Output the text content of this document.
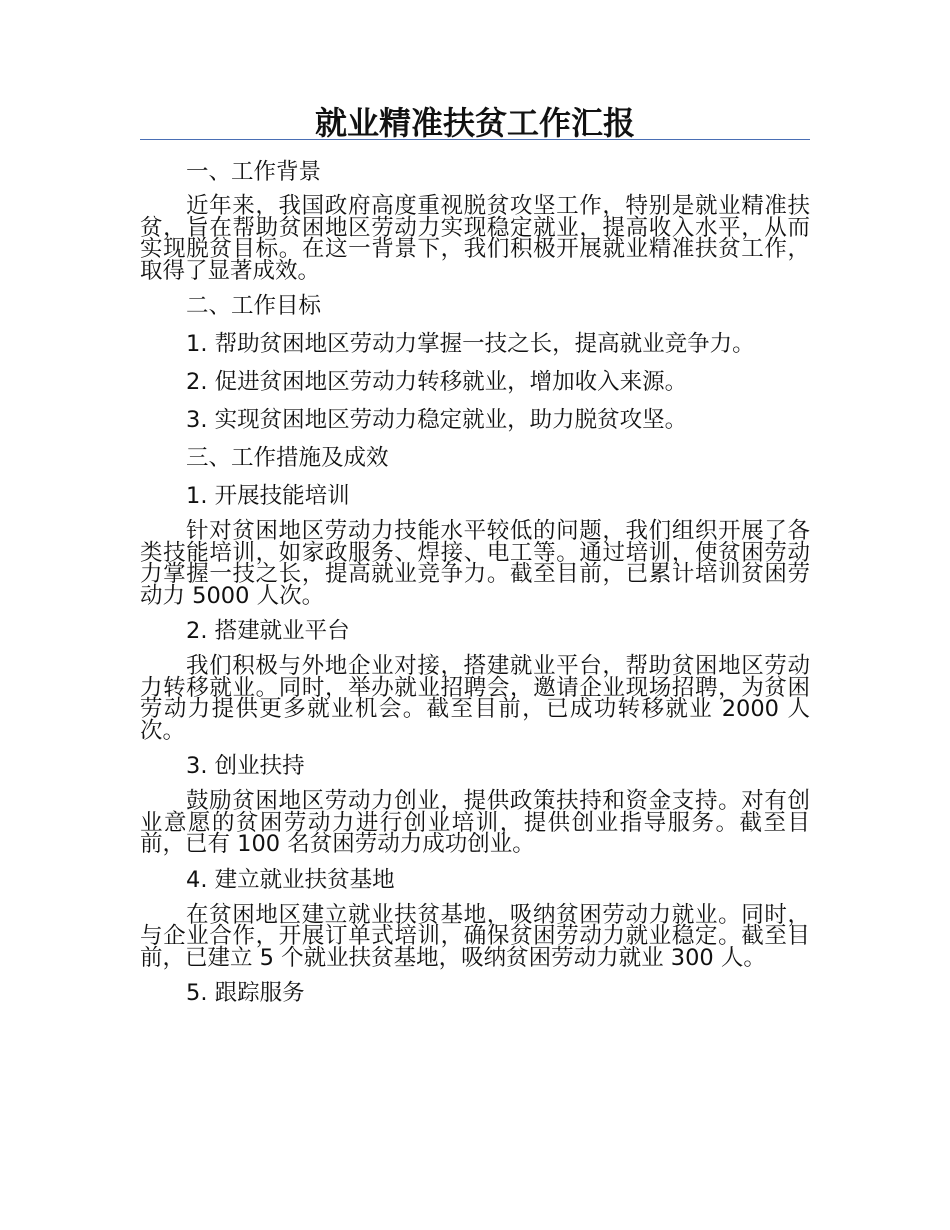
就业精准扶贫工作汇报

一、工作背景

近年来，我国政府高度重视脱贫攻坚工作，特别是就业精准扶贫，旨在帮助贫困地区劳动力实现稳定就业，提高收入水平，从而实现脱贫目标。在这一背景下，我们积极开展就业精准扶贫工作，取得了显著成效。

二、工作目标

1. 帮助贫困地区劳动力掌握一技之长，提高就业竞争力。

2. 促进贫困地区劳动力转移就业，增加收入来源。

3. 实现贫困地区劳动力稳定就业，助力脱贫攻坚。

三、工作措施及成效

1. 开展技能培训

针对贫困地区劳动力技能水平较低的问题，我们组织开展了各类技能培训，如家政服务、焊接、电工等。通过培训，使贫困劳动力掌握一技之长，提高就业竞争力。截至目前，已累计培训贫困劳动力 5000 人次。

2. 搭建就业平台

我们积极与外地企业对接，搭建就业平台，帮助贫困地区劳动力转移就业。同时，举办就业招聘会，邀请企业现场招聘，为贫困劳动力提供更多就业机会。截至目前，已成功转移就业 2000 人次。

3. 创业扶持

鼓励贫困地区劳动力创业，提供政策扶持和资金支持。对有创业意愿的贫困劳动力进行创业培训，提供创业指导服务。截至目前，已有 100 名贫困劳动力成功创业。

4. 建立就业扶贫基地

在贫困地区建立就业扶贫基地，吸纳贫困劳动力就业。同时，与企业合作，开展订单式培训，确保贫困劳动力就业稳定。截至目前，已建立 5 个就业扶贫基地，吸纳贫困劳动力就业 300 人。

5. 跟踪服务
